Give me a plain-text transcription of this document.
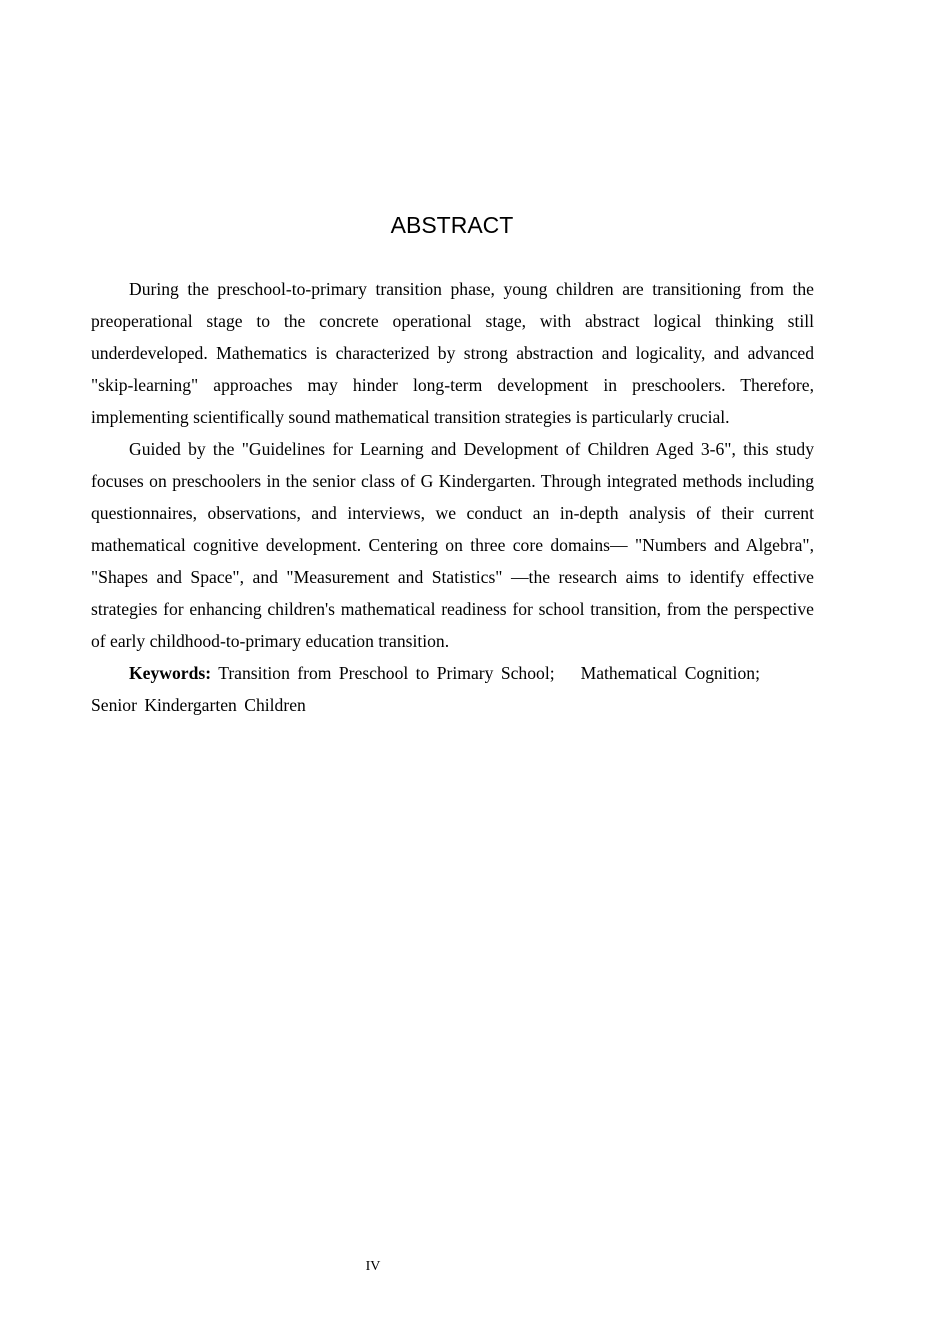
ABSTRACT

During the preschool-to-primary transition phase, young children are transitioning from the preoperational stage to the concrete operational stage, with abstract logical thinking still underdeveloped. Mathematics is characterized by strong abstraction and logicality, and advanced "skip-learning" approaches may hinder long-term development in preschoolers. Therefore, implementing scientifically sound mathematical transition strategies is particularly crucial.

Guided by the "Guidelines for Learning and Development of Children Aged 3-6", this study focuses on preschoolers in the senior class of G Kindergarten. Through integrated methods including questionnaires, observations, and interviews, we conduct an in-depth analysis of their current mathematical cognitive development. Centering on three core domains— "Numbers and Algebra", "Shapes and Space", and "Measurement and Statistics" —the research aims to identify effective strategies for enhancing children's mathematical readiness for school transition, from the perspective of early childhood-to-primary education transition.

Keywords: Transition from Preschool to Primary School; Mathematical Cognition;Senior Kindergarten Children

IV
